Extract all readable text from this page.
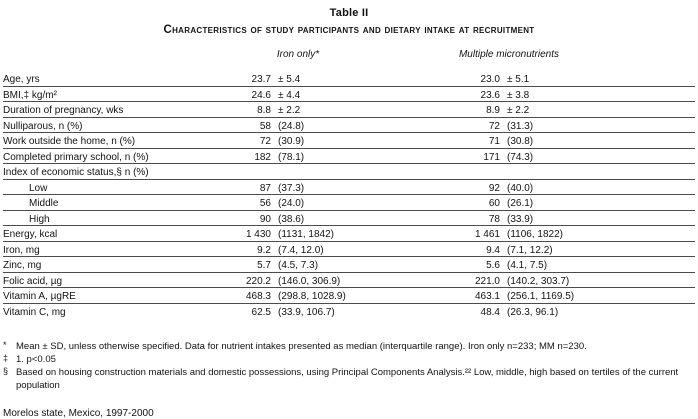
Table II
Characteristics of study participants and dietary intake at recruitment
Iron only*	Multiple micronutrients
Age, yrs	23.7 ± 5.4	23.0 ± 5.1
BMI,‡ kg/m²	24.6 ± 4.4	23.6 ± 3.8
Duration of pregnancy, wks	8.8 ± 2.2	8.9 ± 2.2
Nulliparous, n (%)	58 (24.8)	72 (31.3)
Work outside the home, n (%)	72 (30.9)	71 (30.8)
Completed primary school, n (%)	182 (78.1)	171 (74.3)
Index of economic status,§ n (%)
Low	87 (37.3)	92 (40.0)
Middle	56 (24.0)	60 (26.1)
High	90 (38.6)	78 (33.9)
Energy, kcal	1 430 (1131, 1842)	1 461 (1106, 1822)
Iron, mg	9.2 (7.4, 12.0)	9.4 (7.1, 12.2)
Zinc, mg	5.7 (4.5, 7.3)	5.6 (4.1, 7.5)
Folic acid, µg	220.2 (146.0, 306.9)	221.0 (140.2, 303.7)
Vitamin A, µgRE	468.3 (298.8, 1028.9)	463.1 (256.1, 1169.5)
Vitamin C, mg	62.5 (33.9, 106.7)	48.4 (26.3, 96.1)
* Mean ± SD, unless otherwise specified. Data for nutrient intakes presented as median (interquartile range). Iron only n=233; MM n=230.
‡ 1. p<0.05
§ Based on housing construction materials and domestic possessions, using Principal Components Analysis.²² Low, middle, high based on tertiles of the current population
Morelos state, Mexico, 1997-2000
